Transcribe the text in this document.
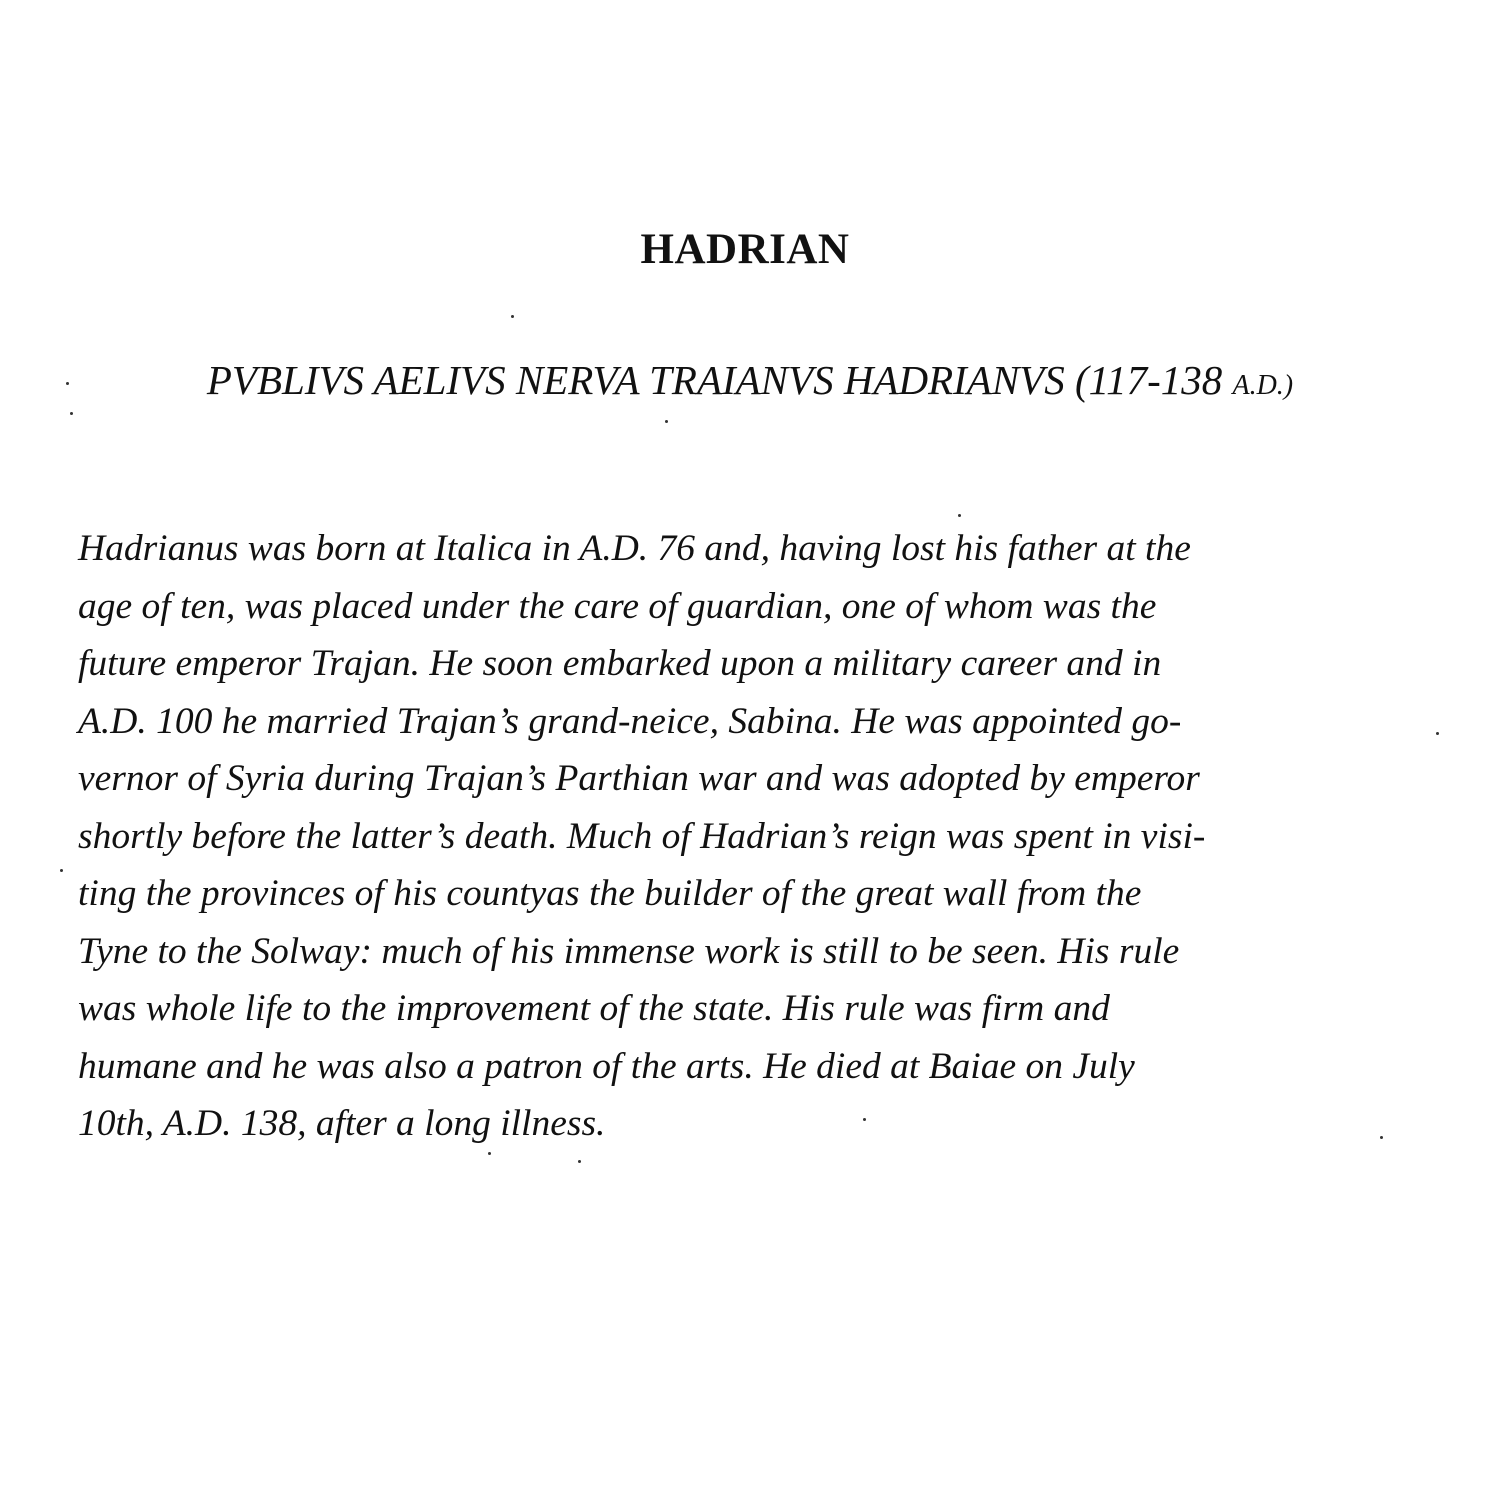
HADRIAN

PVBLIVS AELIVS NERVA TRAIANVS HADRIANVS (117-138 A.D.)

Hadrianus was born at Italica in A.D. 76 and, having lost his father at the
age of ten, was placed under the care of guardian, one of whom was the
future emperor Trajan. He soon embarked upon a military career and in
A.D. 100 he married Trajan’s grand-neice, Sabina. He was appointed go-
vernor of Syria during Trajan’s Parthian war and was adopted by emperor
shortly before the latter’s death. Much of Hadrian’s reign was spent in visi-
ting the provinces of his countyas the builder of the great wall from the
Tyne to the Solway: much of his immense work is still to be seen. His rule
was whole life to the improvement of the state. His rule was firm and
humane and he was also a patron of the arts. He died at Baiae on July
10th, A.D. 138, after a long illness.
